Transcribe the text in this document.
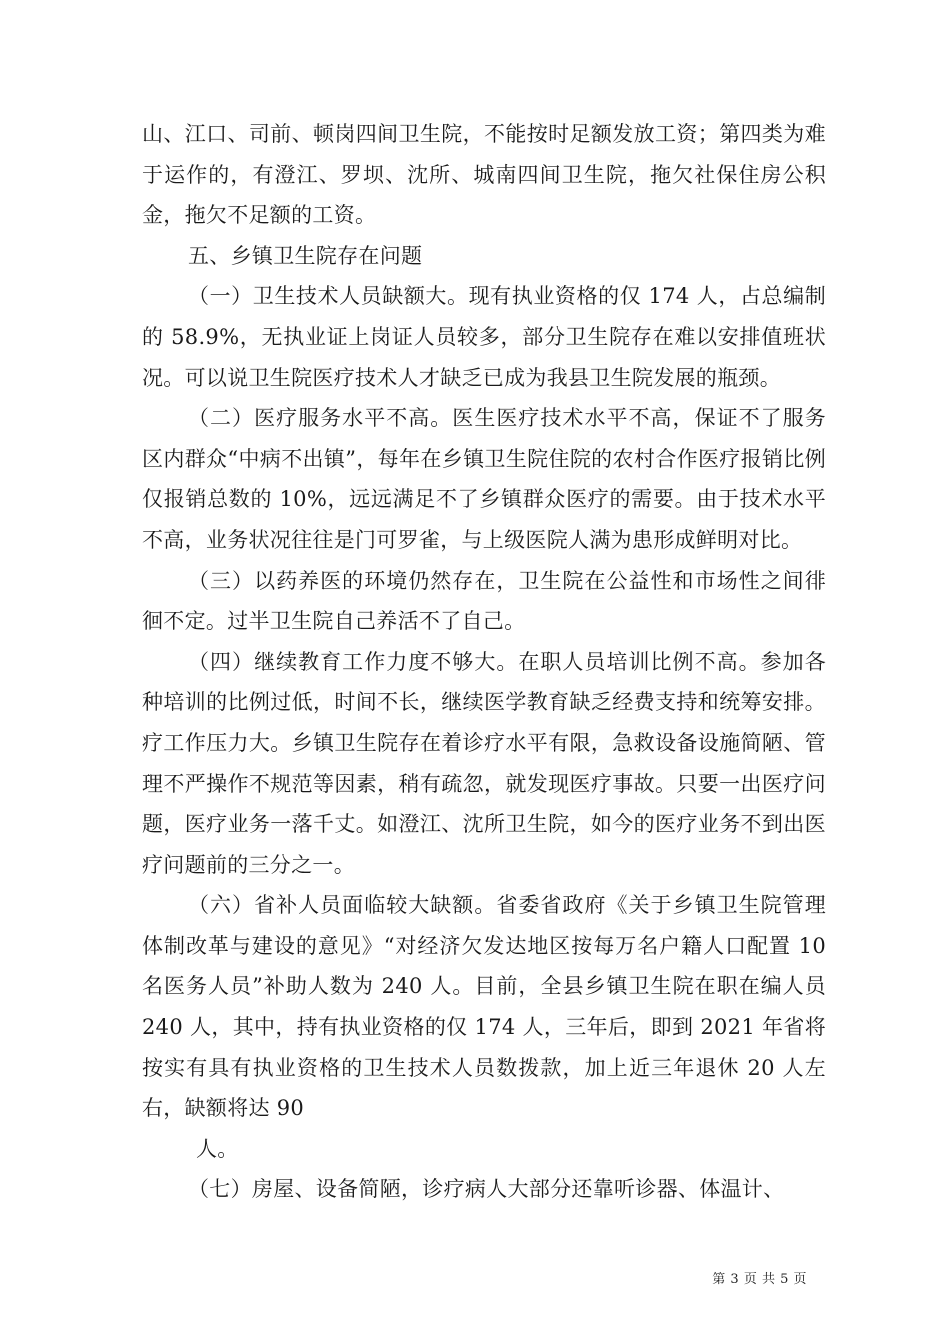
山、江口、司前、顿岗四间卫生院，不能按时足额发放工资；第四类为难于运作的，有澄江、罗坝、沈所、城南四间卫生院，拖欠社保住房公积金，拖欠不足额的工资。

五、乡镇卫生院存在问题

（一）卫生技术人员缺额大。现有执业资格的仅 174 人，占总编制的 58.9%，无执业证上岗证人员较多，部分卫生院存在难以安排值班状况。可以说卫生院医疗技术人才缺乏已成为我县卫生院发展的瓶颈。

（二）医疗服务水平不高。医生医疗技术水平不高，保证不了服务区内群众“中病不出镇”，每年在乡镇卫生院住院的农村合作医疗报销比例仅报销总数的 10%，远远满足不了乡镇群众医疗的需要。由于技术水平不高，业务状况往往是门可罗雀，与上级医院人满为患形成鲜明对比。

（三）以药养医的环境仍然存在，卫生院在公益性和市场性之间徘徊不定。过半卫生院自己养活不了自己。

（四）继续教育工作力度不够大。在职人员培训比例不高。参加各种培训的比例过低，时间不长，继续医学教育缺乏经费支持和统筹安排。疗工作压力大。乡镇卫生院存在着诊疗水平有限，急救设备设施简陋、管理不严操作不规范等因素，稍有疏忽，就发现医疗事故。只要一出医疗问题，医疗业务一落千丈。如澄江、沈所卫生院，如今的医疗业务不到出医疗问题前的三分之一。

（六）省补人员面临较大缺额。省委省政府《关于乡镇卫生院管理体制改革与建设的意见》“对经济欠发达地区按每万名户籍人口配置 10 名医务人员”补助人数为 240 人。目前，全县乡镇卫生院在职在编人员 240 人，其中，持有执业资格的仅 174 人，三年后，即到 2021 年省将按实有具有执业资格的卫生技术人员数拨款，加上近三年退休 20 人左右，缺额将达 90

人。

（七）房屋、设备简陋，诊疗病人大部分还靠听诊器、体温计、

第 3 页 共 5 页
